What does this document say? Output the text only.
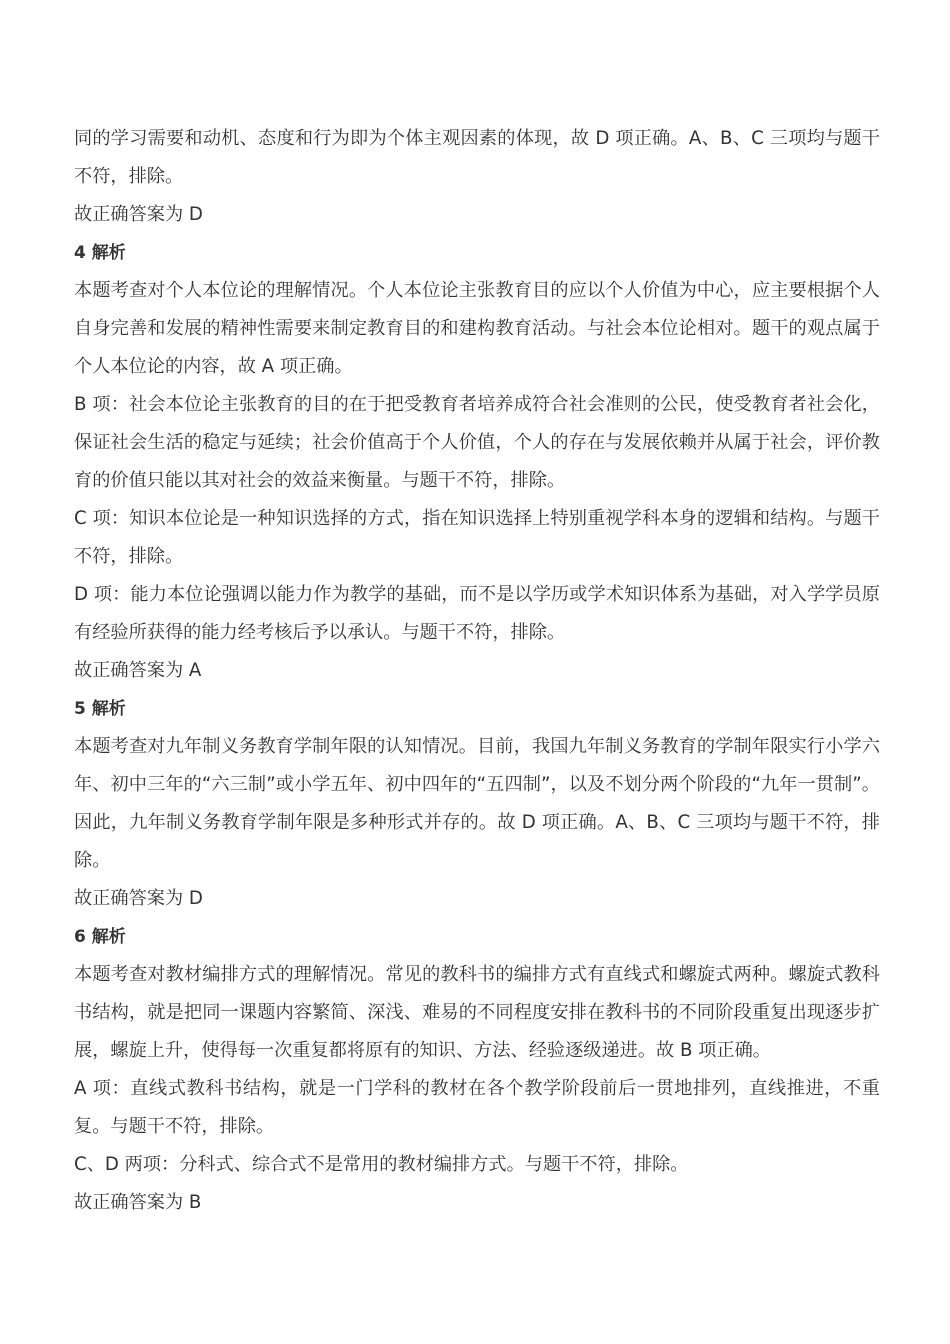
同的学习需要和动机、态度和行为即为个体主观因素的体现，故 D 项正确。A、B、C 三项均与题干不符，排除。

故正确答案为 D

4 解析

本题考查对个人本位论的理解情况。个人本位论主张教育目的应以个人价值为中心，应主要根据个人自身完善和发展的精神性需要来制定教育目的和建构教育活动。与社会本位论相对。题干的观点属于个人本位论的内容，故 A 项正确。

B 项：社会本位论主张教育的目的在于把受教育者培养成符合社会准则的公民，使受教育者社会化，保证社会生活的稳定与延续；社会价值高于个人价值，个人的存在与发展依赖并从属于社会，评价教育的价值只能以其对社会的效益来衡量。与题干不符，排除。

C 项：知识本位论是一种知识选择的方式，指在知识选择上特别重视学科本身的逻辑和结构。与题干不符，排除。

D 项：能力本位论强调以能力作为教学的基础，而不是以学历或学术知识体系为基础，对入学学员原有经验所获得的能力经考核后予以承认。与题干不符，排除。

故正确答案为 A

5 解析

本题考查对九年制义务教育学制年限的认知情况。目前，我国九年制义务教育的学制年限实行小学六年、初中三年的“六三制”或小学五年、初中四年的“五四制”，以及不划分两个阶段的“九年一贯制”。因此，九年制义务教育学制年限是多种形式并存的。故 D 项正确。A、B、C 三项均与题干不符，排除。

故正确答案为 D

6 解析

本题考查对教材编排方式的理解情况。常见的教科书的编排方式有直线式和螺旋式两种。螺旋式教科书结构，就是把同一课题内容繁简、深浅、难易的不同程度安排在教科书的不同阶段重复出现逐步扩展，螺旋上升，使得每一次重复都将原有的知识、方法、经验逐级递进。故 B 项正确。

A 项：直线式教科书结构，就是一门学科的教材在各个教学阶段前后一贯地排列，直线推进，不重复。与题干不符，排除。

C、D 两项：分科式、综合式不是常用的教材编排方式。与题干不符，排除。

故正确答案为 B
